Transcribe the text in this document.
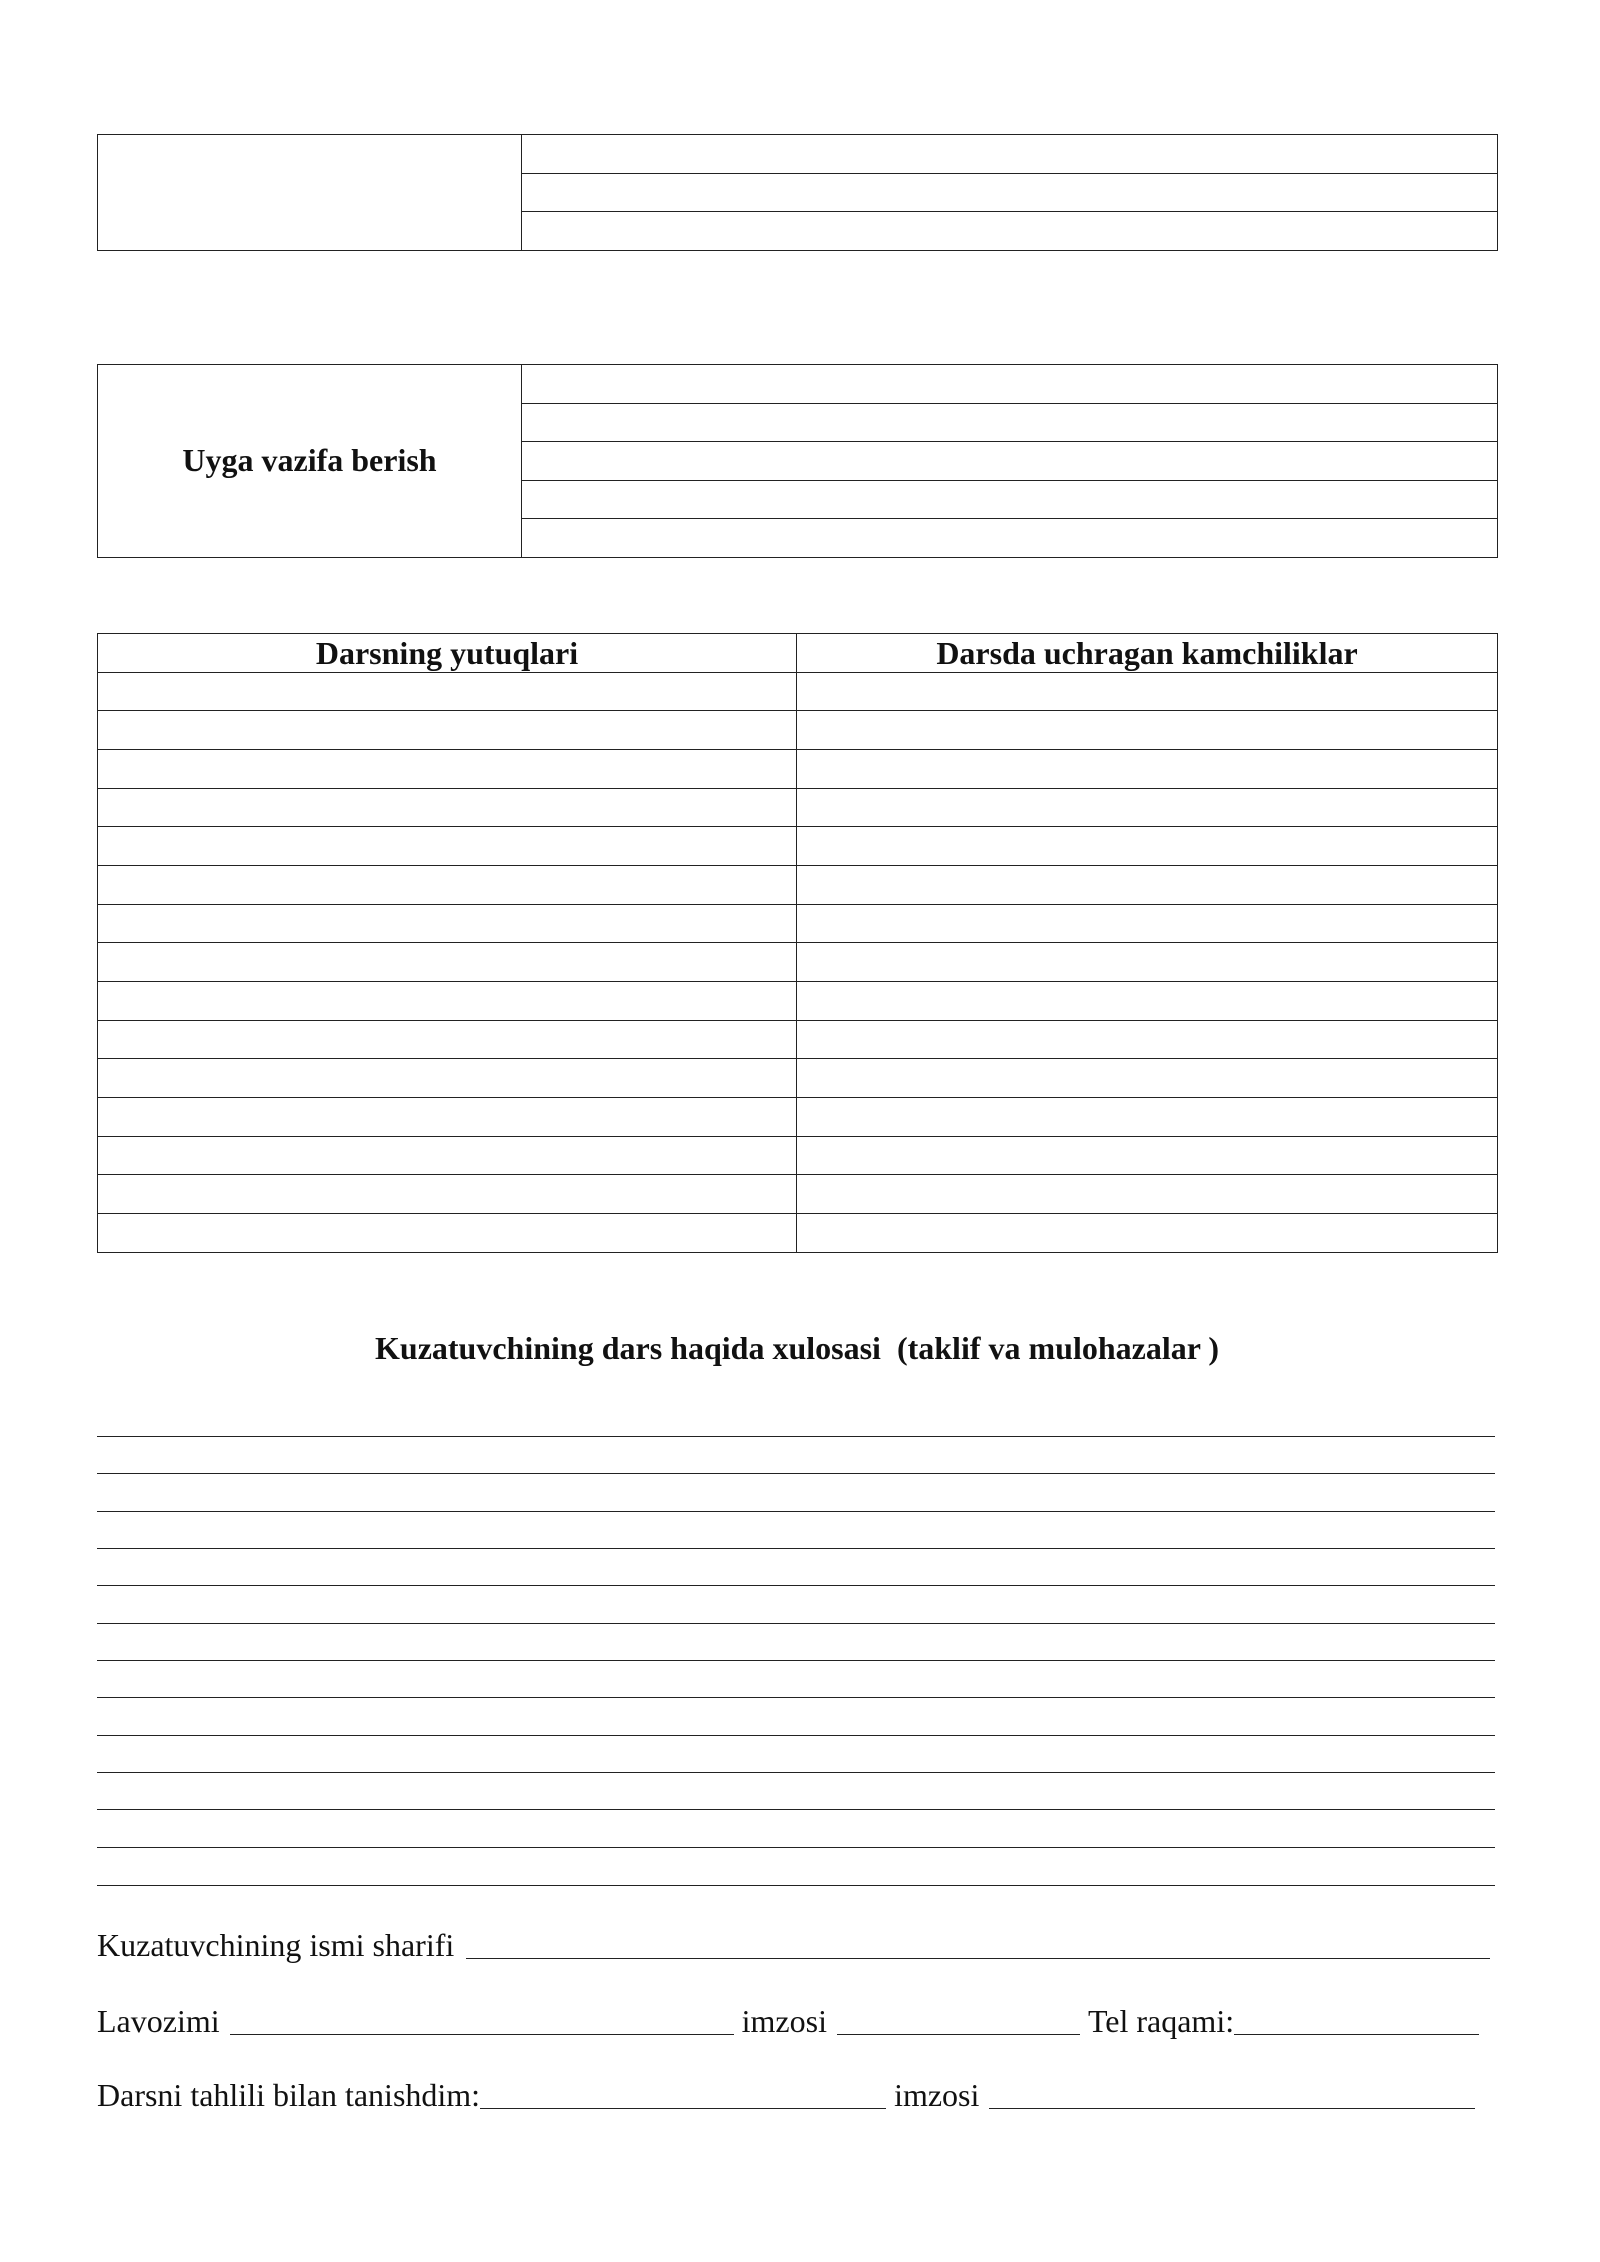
Uyga vazifa berish	

Darsning yutuqlari	Darsda uchragan kamchiliklar

Kuzatuvchining dars haqida xulosasi  (taklif va mulohazalar )
Kuzatuvchining ismi sharifi
Lavozimi	imzosi	Tel raqami:
Darsni tahlili bilan tanishdim:	imzosi
